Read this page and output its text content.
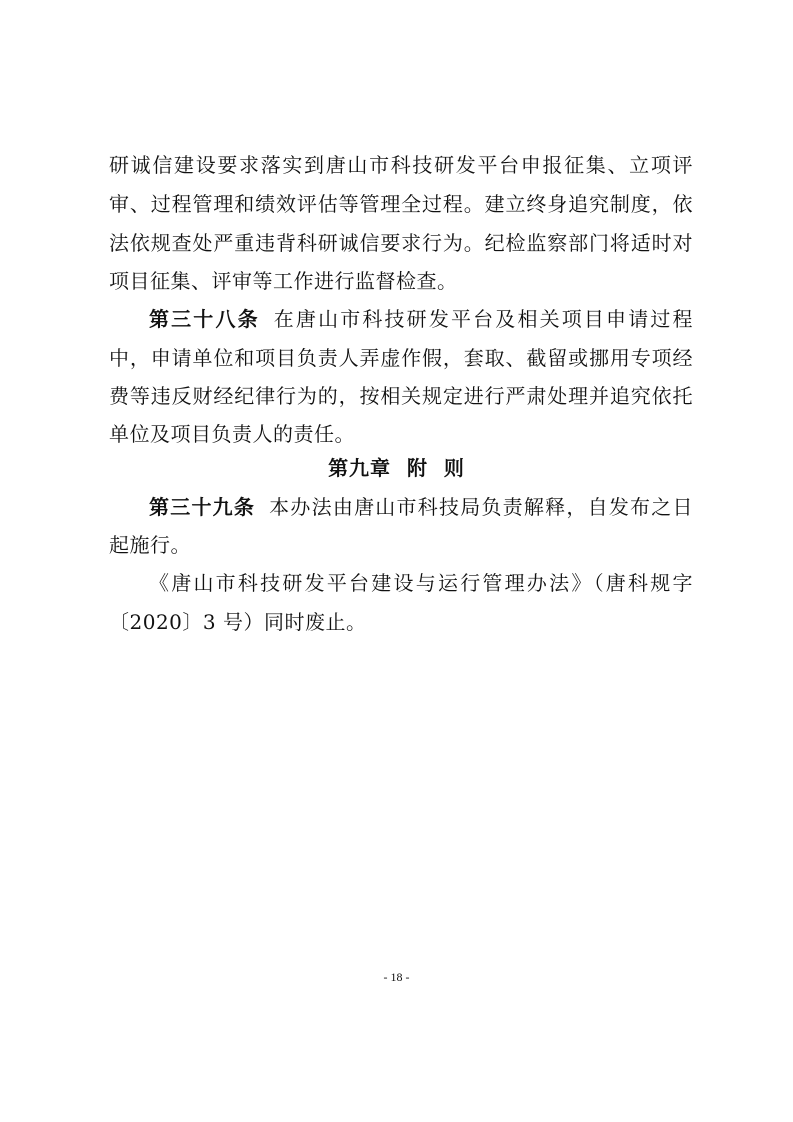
研诚信建设要求落实到唐山市科技研发平台申报征集、立项评
审、过程管理和绩效评估等管理全过程。建立终身追究制度，依
法依规查处严重违背科研诚信要求行为。纪检监察部门将适时对
项目征集、评审等工作进行监督检查。
第三十八条 在唐山市科技研发平台及相关项目申请过程
中，申请单位和项目负责人弄虚作假，套取、截留或挪用专项经
费等违反财经纪律行为的，按相关规定进行严肃处理并追究依托
单位及项目负责人的责任。
第九章  附  则
第三十九条 本办法由唐山市科技局负责解释，自发布之日
起施行。
《唐山市科技研发平台建设与运行管理办法》（唐科规字
〔2020〕3 号）同时废止。
- 18 -
